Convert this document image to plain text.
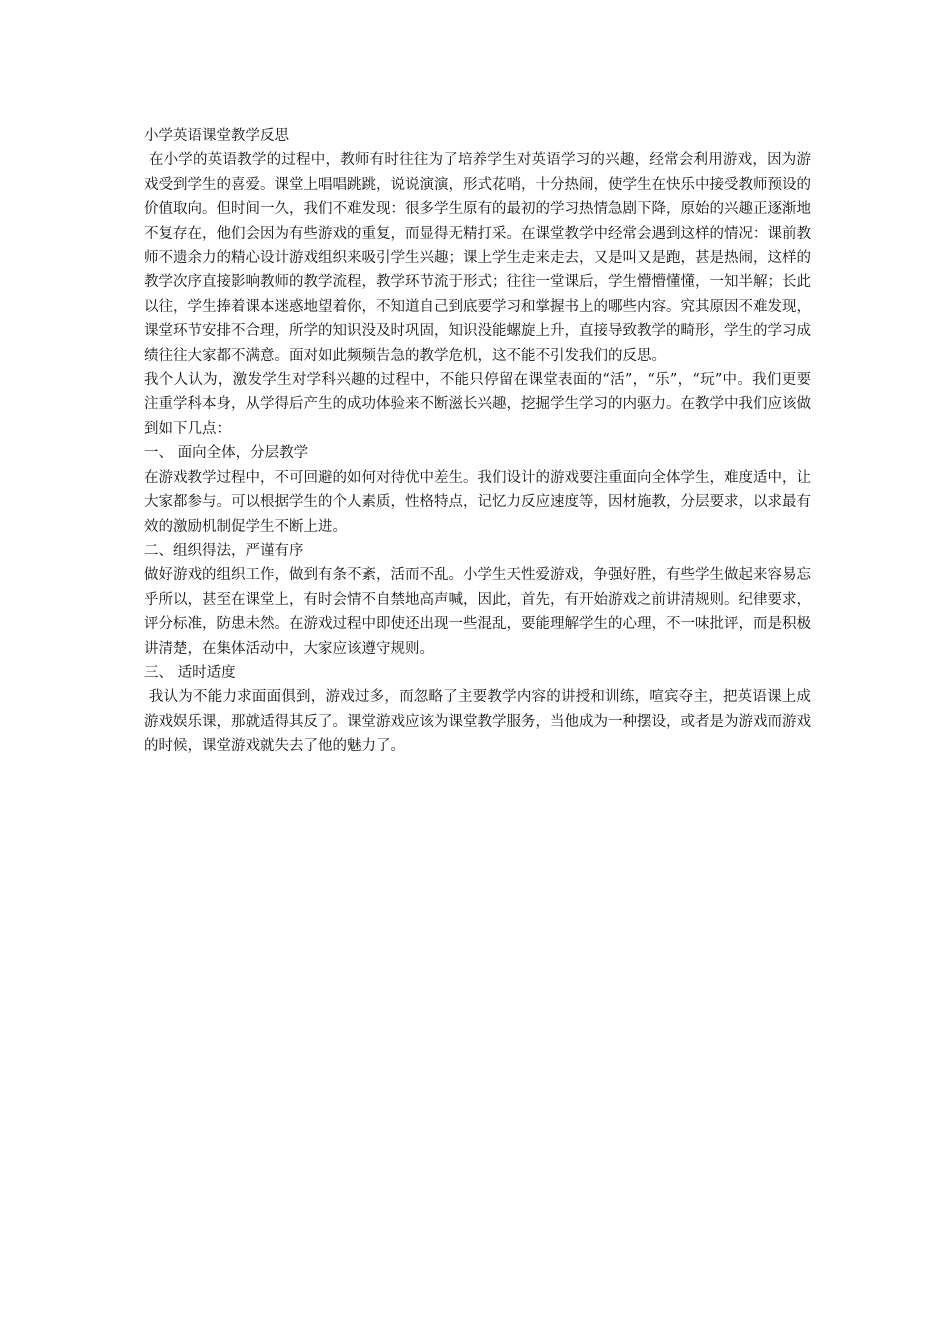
小学英语课堂教学反思

在小学的英语教学的过程中，教师有时往往为了培养学生对英语学习的兴趣，经常会利用游戏，因为游戏受到学生的喜爱。课堂上唱唱跳跳，说说演演，形式花哨，十分热闹，使学生在快乐中接受教师预设的价值取向。但时间一久，我们不难发现：很多学生原有的最初的学习热情急剧下降，原始的兴趣正逐渐地不复存在，他们会因为有些游戏的重复，而显得无精打采。在课堂教学中经常会遇到这样的情况：课前教师不遗余力的精心设计游戏组织来吸引学生兴趣；课上学生走来走去，又是叫又是跑，甚是热闹，这样的教学次序直接影响教师的教学流程，教学环节流于形式；往往一堂课后，学生懵懵懂懂，一知半解；长此以往，学生捧着课本迷惑地望着你，不知道自己到底要学习和掌握书上的哪些内容。究其原因不难发现，课堂环节安排不合理，所学的知识没及时巩固，知识没能螺旋上升，直接导致教学的畸形，学生的学习成绩往往大家都不满意。面对如此频频告急的教学危机，这不能不引发我们的反思。

我个人认为，激发学生对学科兴趣的过程中，不能只停留在课堂表面的“活”，“乐”，“玩”中。我们更要注重学科本身，从学得后产生的成功体验来不断滋长兴趣，挖掘学生学习的内驱力。在教学中我们应该做到如下几点：

一、 面向全体，分层教学

在游戏教学过程中，不可回避的如何对待优中差生。我们设计的游戏要注重面向全体学生，难度适中，让大家都参与。可以根据学生的个人素质，性格特点，记忆力反应速度等，因材施教，分层要求，以求最有效的激励机制促学生不断上进。

二、组织得法，严谨有序

做好游戏的组织工作，做到有条不紊，活而不乱。小学生天性爱游戏，争强好胜，有些学生做起来容易忘乎所以，甚至在课堂上，有时会情不自禁地高声喊，因此，首先，有开始游戏之前讲清规则。纪律要求，评分标准，防患未然。在游戏过程中即使还出现一些混乱，要能理解学生的心理，不一味批评，而是积极讲清楚，在集体活动中，大家应该遵守规则。

三、 适时适度

我认为不能力求面面俱到，游戏过多，而忽略了主要教学内容的讲授和训练，喧宾夺主，把英语课上成游戏娱乐课，那就适得其反了。课堂游戏应该为课堂教学服务，当他成为一种摆设，或者是为游戏而游戏的时候，课堂游戏就失去了他的魅力了。
